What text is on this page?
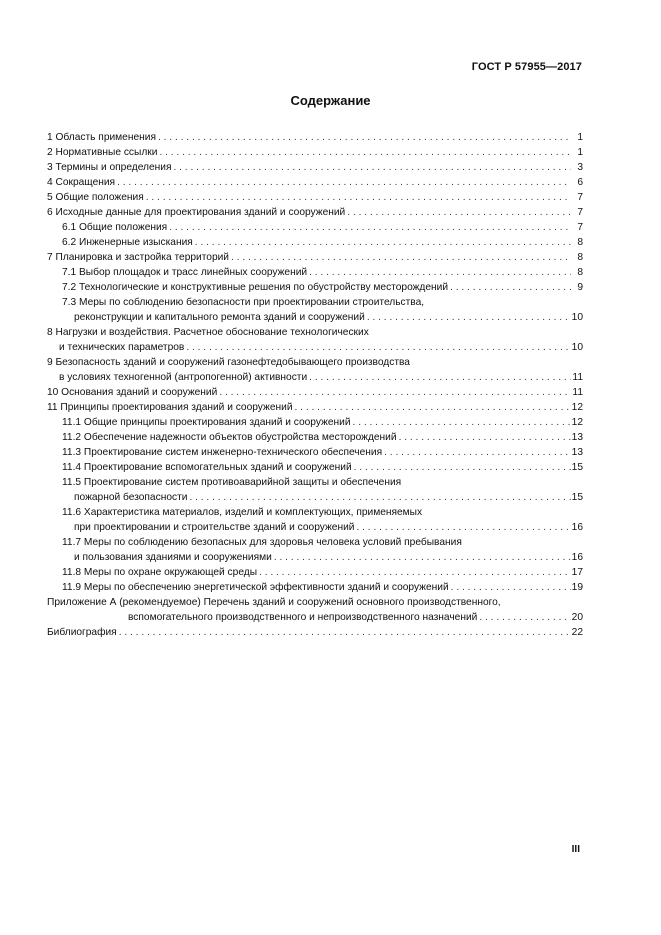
ГОСТ Р 57955—2017
Содержание
1 Область применения . . .	1
2 Нормативные ссылки . . .	1
3 Термины и определения . . .	3
4 Сокращения . . .	6
5 Общие положения . . .	7
6 Исходные данные для проектирования зданий и сооружений . . .	7
6.1 Общие положения . . .	7
6.2 Инженерные изыскания . . .	8
7 Планировка и застройка территорий . . .	8
7.1 Выбор площадок и трасс линейных сооружений . . .	8
7.2 Технологические и конструктивные решения по обустройству месторождений . . .	9
7.3 Меры по соблюдению безопасности при проектировании строительства,
реконструкции и капитального ремонта зданий и сооружений . . .	10
8 Нагрузки и воздействия. Расчетное обоснование технологических
и технических параметров . . .	10
9 Безопасность зданий и сооружений газонефтедобывающего производства
в условиях техногенной (антропогенной) активности . . .	11
10 Основания зданий и сооружений . . .	11
11 Принципы проектирования зданий и сооружений . . .	12
11.1 Общие принципы проектирования зданий и сооружений . . .	12
11.2 Обеспечение надежности объектов обустройства месторождений . . .	13
11.3 Проектирование систем инженерно-технического обеспечения . . .	13
11.4 Проектирование вспомогательных зданий и сооружений . . .	15
11.5 Проектирование систем противоаварийной защиты и обеспечения
пожарной безопасности . . .	15
11.6 Характеристика материалов, изделий и комплектующих, применяемых
при проектировании и строительстве зданий и сооружений . . .	16
11.7 Меры по соблюдению безопасных для здоровья человека условий пребывания
и пользования зданиями и сооружениями . . .	16
11.8 Меры по охране окружающей среды . . .	17
11.9 Меры по обеспечению энергетической эффективности зданий и сооружений . . .	19
Приложение А (рекомендуемое) Перечень зданий и сооружений основного производственного,
вспомогательного производственного и непроизводственного назначений . . .	20
Библиография . . .	22
III
